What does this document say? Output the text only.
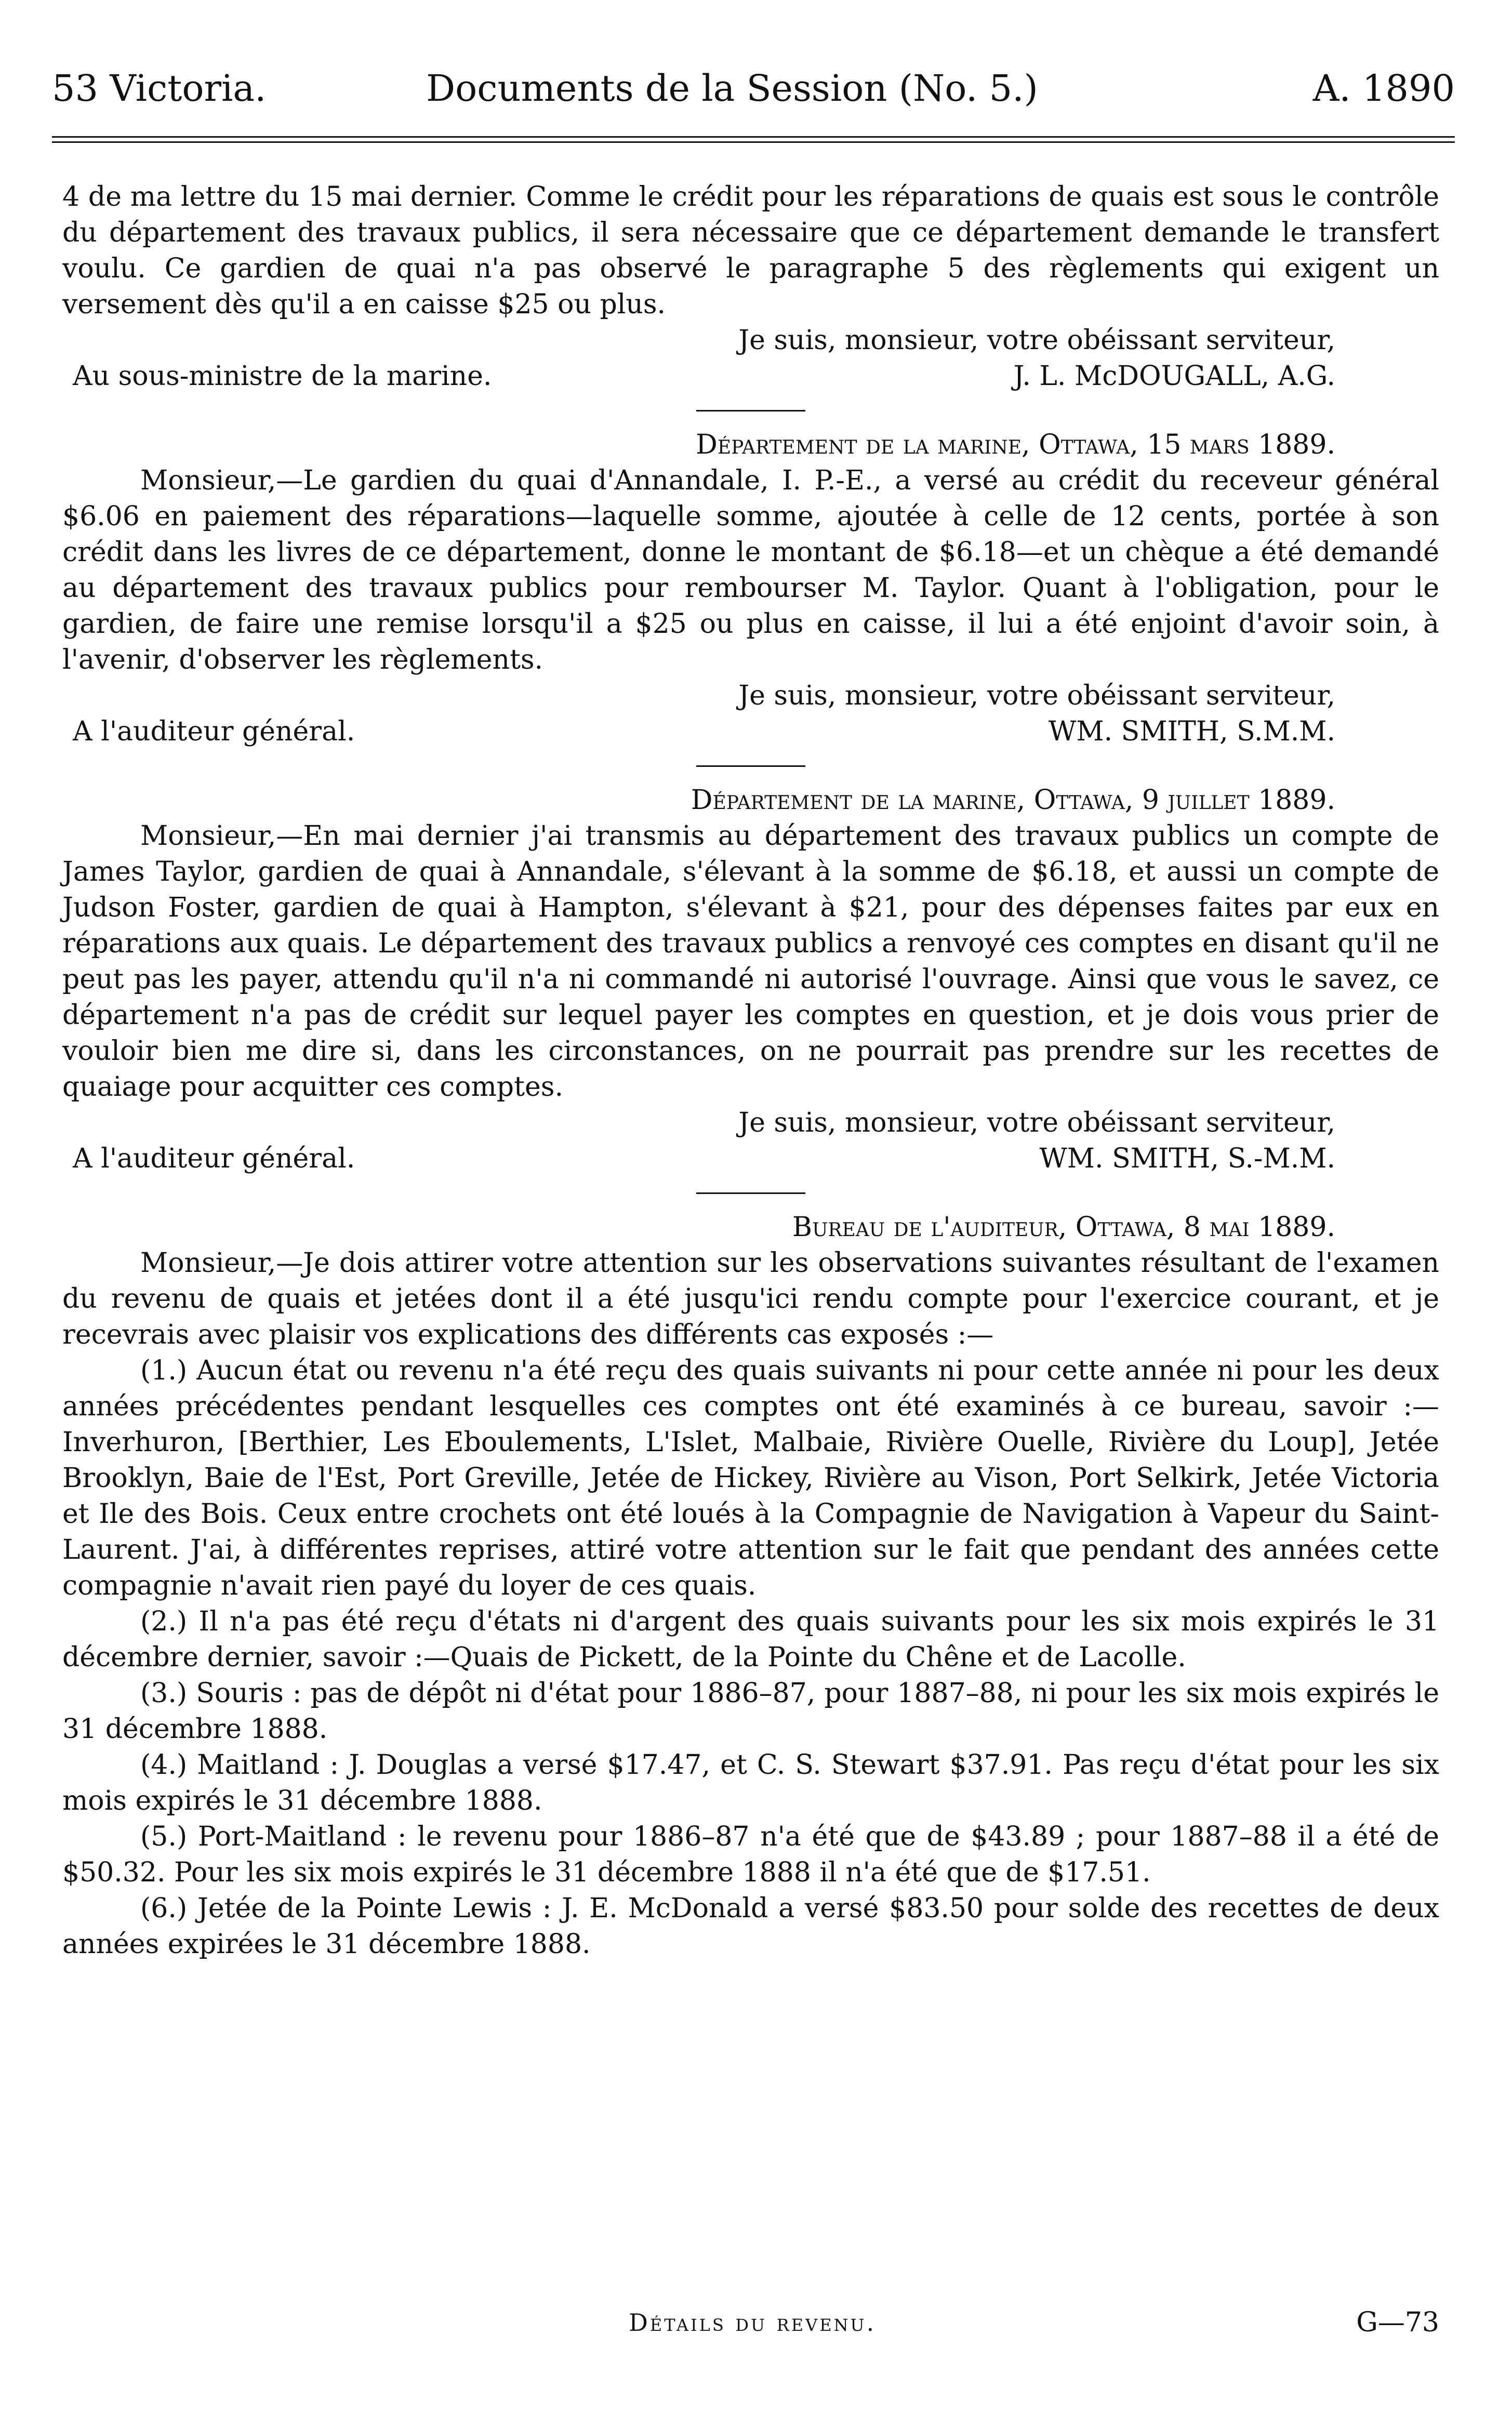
53 Victoria.	Documents de la Session (No. 5.)	A. 1890

4 de ma lettre du 15 mai dernier. Comme le crédit pour les réparations de quais est sous le contrôle du département des travaux publics, il sera nécessaire que ce département demande le transfert voulu. Ce gardien de quai n'a pas observé le paragraphe 5 des règlements qui exigent un versement dès qu'il a en caisse $25 ou plus.

Je suis, monsieur, votre obéissant serviteur,

Au sous-ministre de la marine.	J. L. McDOUGALL, A.G.

Département de la marine, Ottawa, 15 mars 1889.

Monsieur,—Le gardien du quai d'Annandale, I. P.-E., a versé au crédit du receveur général $6.06 en paiement des réparations—laquelle somme, ajoutée à celle de 12 cents, portée à son crédit dans les livres de ce département, donne le montant de $6.18—et un chèque a été demandé au département des travaux publics pour rembourser M. Taylor. Quant à l'obligation, pour le gardien, de faire une remise lorsqu'il a $25 ou plus en caisse, il lui a été enjoint d'avoir soin, à l'avenir, d'observer les règlements.

Je suis, monsieur, votre obéissant serviteur,

A l'auditeur général.	WM. SMITH, S.M.M.

Département de la marine, Ottawa, 9 juillet 1889.

Monsieur,—En mai dernier j'ai transmis au département des travaux publics un compte de James Taylor, gardien de quai à Annandale, s'élevant à la somme de $6.18, et aussi un compte de Judson Foster, gardien de quai à Hampton, s'élevant à $21, pour des dépenses faites par eux en réparations aux quais. Le département des travaux publics a renvoyé ces comptes en disant qu'il ne peut pas les payer, attendu qu'il n'a ni commandé ni autorisé l'ouvrage. Ainsi que vous le savez, ce département n'a pas de crédit sur lequel payer les comptes en question, et je dois vous prier de vouloir bien me dire si, dans les circonstances, on ne pourrait pas prendre sur les recettes de quaiage pour acquitter ces comptes.

Je suis, monsieur, votre obéissant serviteur,

A l'auditeur général.	WM. SMITH, S.-M.M.

Bureau de l'auditeur, Ottawa, 8 mai 1889.

Monsieur,—Je dois attirer votre attention sur les observations suivantes résultant de l'examen du revenu de quais et jetées dont il a été jusqu'ici rendu compte pour l'exercice courant, et je recevrais avec plaisir vos explications des différents cas exposés :—

(1.) Aucun état ou revenu n'a été reçu des quais suivants ni pour cette année ni pour les deux années précédentes pendant lesquelles ces comptes ont été examinés à ce bureau, savoir :—Inverhuron, [Berthier, Les Eboulements, L'Islet, Malbaie, Rivière Ouelle, Rivière du Loup], Jetée Brooklyn, Baie de l'Est, Port Greville, Jetée de Hickey, Rivière au Vison, Port Selkirk, Jetée Victoria et Ile des Bois. Ceux entre crochets ont été loués à la Compagnie de Navigation à Vapeur du Saint-Laurent. J'ai, à différentes reprises, attiré votre attention sur le fait que pendant des années cette compagnie n'avait rien payé du loyer de ces quais.

(2.) Il n'a pas été reçu d'états ni d'argent des quais suivants pour les six mois expirés le 31 décembre dernier, savoir :—Quais de Pickett, de la Pointe du Chêne et de Lacolle.

(3.) Souris : pas de dépôt ni d'état pour 1886–87, pour 1887–88, ni pour les six mois expirés le 31 décembre 1888.

(4.) Maitland : J. Douglas a versé $17.47, et C. S. Stewart $37.91. Pas reçu d'état pour les six mois expirés le 31 décembre 1888.

(5.) Port-Maitland : le revenu pour 1886–87 n'a été que de $43.89 ; pour 1887–88 il a été de $50.32. Pour les six mois expirés le 31 décembre 1888 il n'a été que de $17.51.

(6.) Jetée de la Pointe Lewis : J. E. McDonald a versé $83.50 pour solde des recettes de deux années expirées le 31 décembre 1888.

Détails du revenu.	G—73
